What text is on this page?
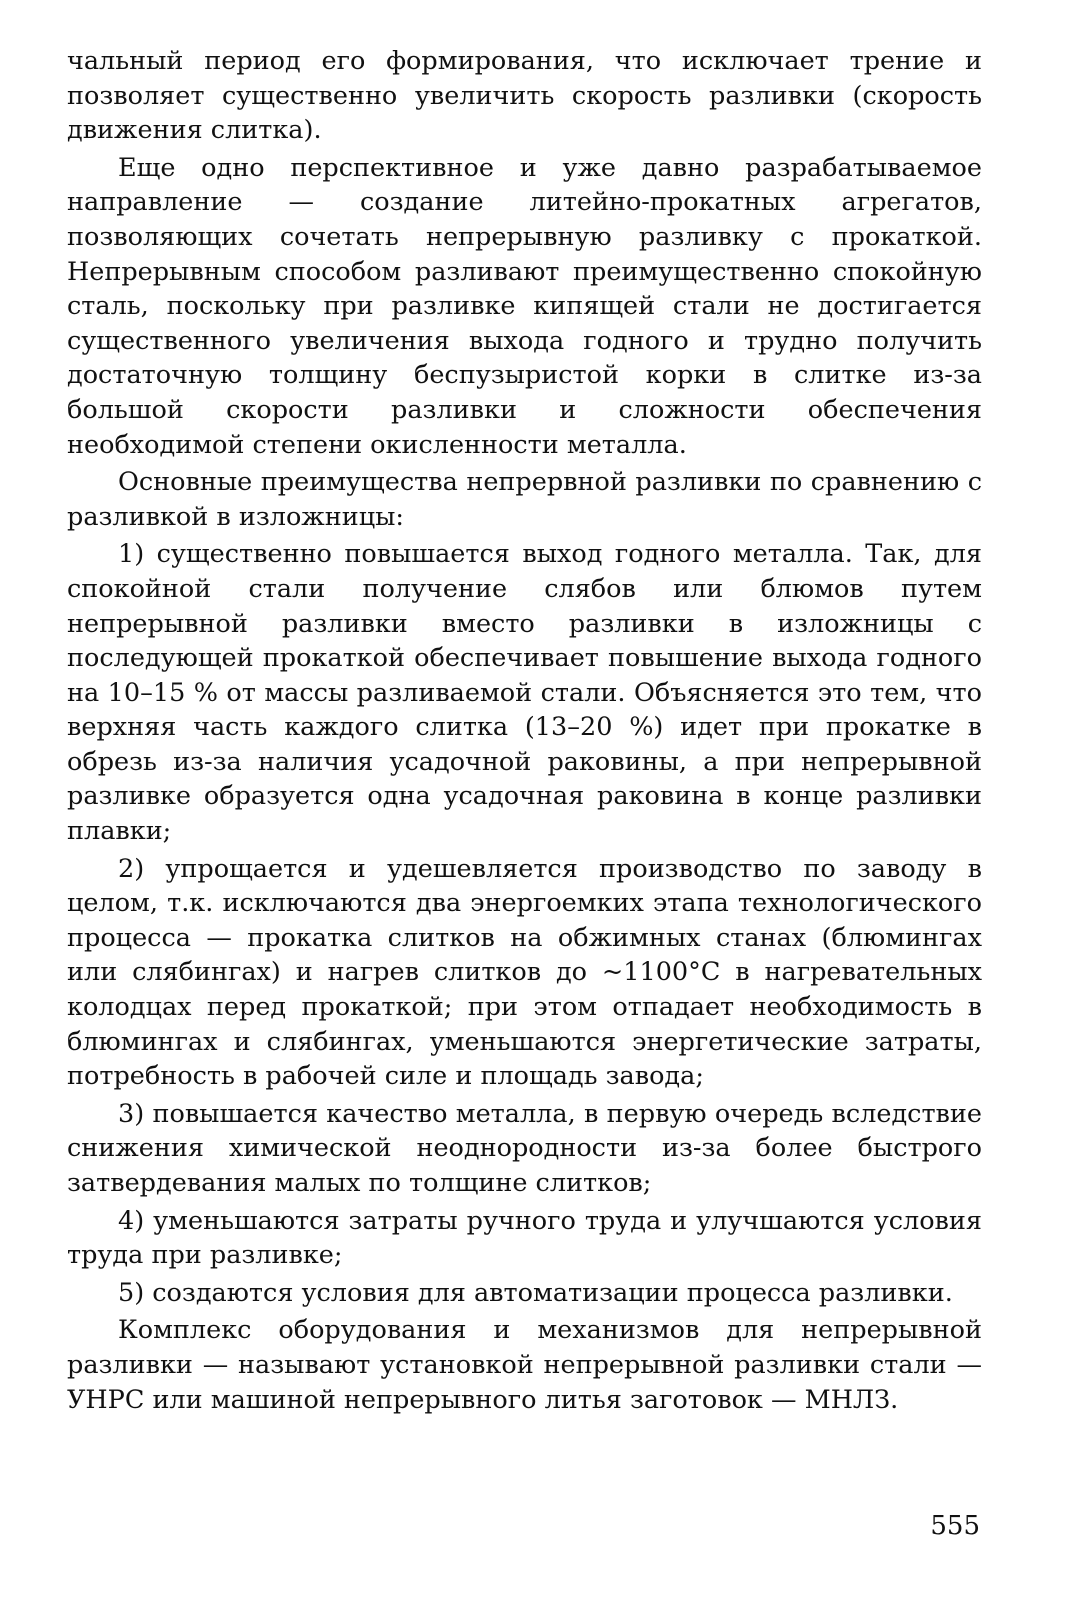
чальный период его формирования, что исключает трение и позволяет существенно увеличить скорость разливки (скорость движения слитка).

Еще одно перспективное и уже давно разрабатываемое направление — создание литейно-прокатных агрегатов, позволяющих сочетать непрерывную разливку с прокаткой. Непрерывным способом разливают преимущественно спокойную сталь, поскольку при разливке кипящей стали не достигается существенного увеличения выхода годного и трудно получить достаточную толщину беспузыристой корки в слитке из-за большой скорости разливки и сложности обеспечения необходимой степени окисленности металла.

Основные преимущества непрервной разливки по сравнению с разливкой в изложницы:

1) существенно повышается выход годного металла. Так, для спокойной стали получение слябов или блюмов путем непрерывной разливки вместо разливки в изложницы с последующей прокаткой обеспечивает повышение выхода годного на 10–15 % от массы разливаемой стали. Объясняется это тем, что верхняя часть каждого слитка (13–20 %) идет при прокатке в обрезь из-за наличия усадочной раковины, а при непрерывной разливке образуется одна усадочная раковина в конце разливки плавки;

2) упрощается и удешевляется производство по заводу в целом, т.к. исключаются два энергоемких этапа технологического процесса — прокатка слитков на обжимных станах (блюмингах или слябингах) и нагрев слитков до ~1100°С в нагревательных колодцах перед прокаткой; при этом отпадает необходимость в блюмингах и слябингах, уменьшаются энергетические затраты, потребность в рабочей силе и площадь завода;

3) повышается качество металла, в первую очередь вследствие снижения химической неоднородности из-за более быстрого затвердевания малых по толщине слитков;

4) уменьшаются затраты ручного труда и улучшаются условия труда при разливке;

5) создаются условия для автоматизации процесса разливки.

Комплекс оборудования и механизмов для непрерывной разливки — называют установкой непрерывной разливки стали — УНРС или машиной непрерывного литья заготовок — МНЛЗ.

555
